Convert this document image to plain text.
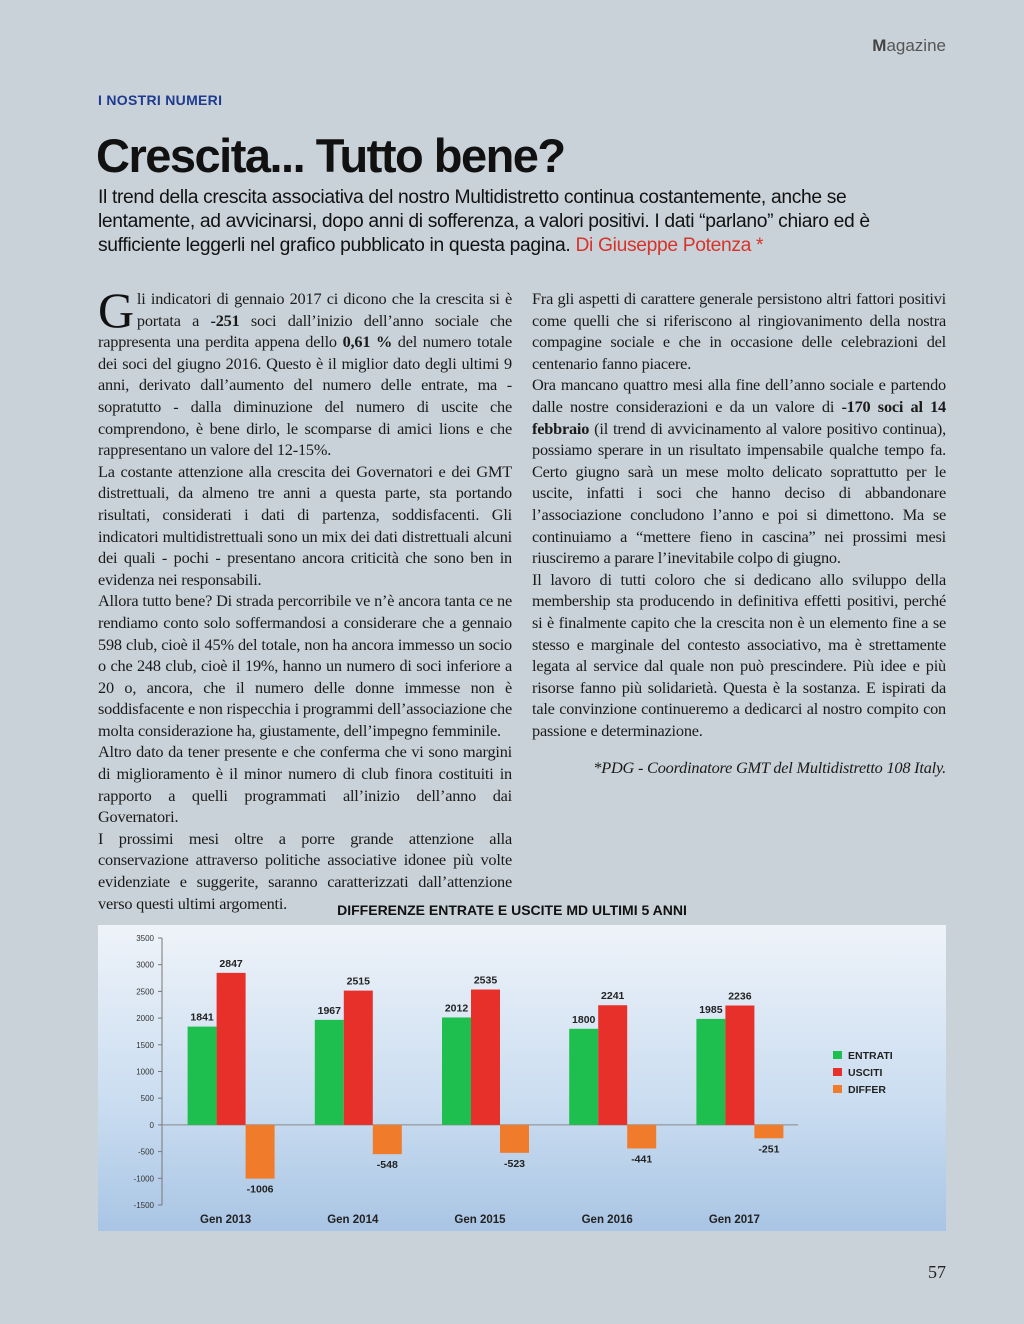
Magazine
I NOSTRI NUMERI
Crescita... Tutto bene?

Il trend della crescita associativa del nostro Multidistretto continua costantemente, anche se lentamente, ad avvicinarsi, dopo anni di sofferenza, a valori positivi. I dati “parlano” chiaro ed è sufficiente leggerli nel grafico pubblicato in questa pagina. Di Giuseppe Potenza *

Gli indicatori di gennaio 2017 ci dicono che la crescita si è portata a -251 soci dall’inizio dell’anno sociale che rappresenta una perdita appena dello 0,61 % del numero totale dei soci del giugno 2016. Questo è il miglior dato degli ultimi 9 anni, derivato dall’aumento del numero delle entrate, ma - sopratutto - dalla diminuzione del numero di uscite che comprendono, è bene dirlo, le scomparse di amici lions e che rappresentano un valore del 12-15%.

La costante attenzione alla crescita dei Governatori e dei GMT distrettuali, da almeno tre anni a questa parte, sta portando risultati, considerati i dati di partenza, soddisfacenti. Gli indicatori multidistrettuali sono un mix dei dati distrettuali alcuni dei quali - pochi - presentano ancora criticità che sono ben in evidenza nei responsabili.

Allora tutto bene? Di strada percorribile ve n’è ancora tanta ce ne rendiamo conto solo soffermandosi a considerare che a gennaio 598 club, cioè il 45% del totale, non ha ancora immesso un socio o che 248 club, cioè il 19%, hanno un numero di soci inferiore a 20 o, ancora, che il numero delle donne immesse non è soddisfacente e non rispecchia i programmi dell’associazione che molta considerazione ha, giustamente, dell’impegno femminile.

Altro dato da tener presente e che conferma che vi sono margini di miglioramento è il minor numero di club finora costituiti in rapporto a quelli programmati all’inizio dell’anno dai Governatori.

I prossimi mesi oltre a porre grande attenzione alla conservazione attraverso politiche associative idonee più volte evidenziate e suggerite, saranno caratterizzati dall’attenzione verso questi ultimi argomenti.

Fra gli aspetti di carattere generale persistono altri fattori positivi come quelli che si riferiscono al ringiovanimento della nostra compagine sociale e che in occasione delle celebrazioni del centenario fanno piacere.

Ora mancano quattro mesi alla fine dell’anno sociale e partendo dalle nostre considerazioni e da un valore di -170 soci al 14 febbraio (il trend di avvicinamento al valore positivo continua), possiamo sperare in un risultato impensabile qualche tempo fa. Certo giugno sarà un mese molto delicato soprattutto per le uscite, infatti i soci che hanno deciso di abbandonare l’associazione concludono l’anno e poi si dimettono. Ma se continuiamo a “mettere fieno in cascina” nei prossimi mesi riusciremo a parare l’inevitabile colpo di giugno.

Il lavoro di tutti coloro che si dedicano allo sviluppo della membership sta producendo in definitiva effetti positivi, perché si è finalmente capito che la crescita non è un elemento fine a se stesso e marginale del contesto associativo, ma è strettamente legata al service dal quale non può prescindere. Più idee e più risorse fanno più solidarietà. Questa è la sostanza. E ispirati da tale convinzione continueremo a dedicarci al nostro compito con passione e determinazione.

*PDG - Coordinatore GMT del Multidistretto 108 Italy.

DIFFERENZE ENTRATE E USCITE MD ULTIMI 5 ANNI
3500
3000
2500
2000
1500
1000
500
0
-500
-1000
-1500
1841
2847
-1006
Gen 2013
1967
2515
-548
Gen 2014
2012
2535
-523
Gen 2015
1800
2241
-441
Gen 2016
1985
2236
-251
Gen 2017
ENTRATI
USCITI
DIFFER
57
